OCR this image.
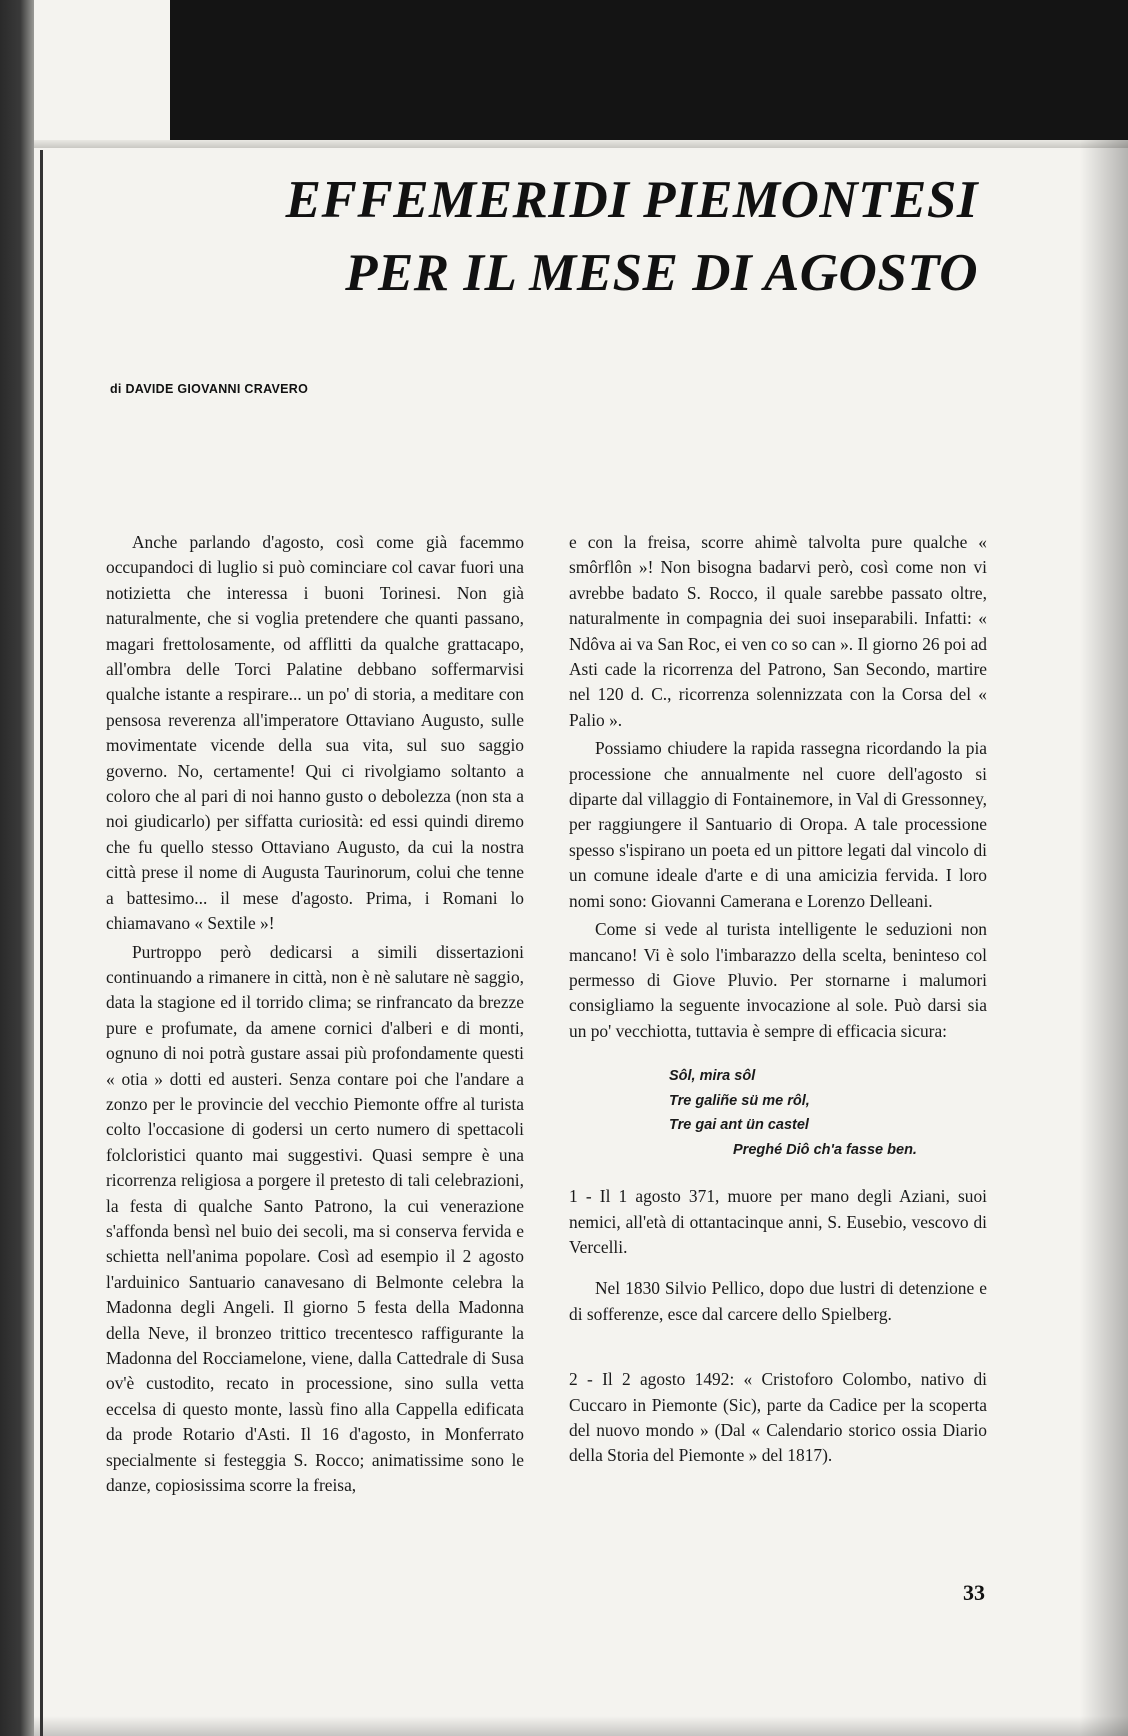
EFFEMERIDI PIEMONTESI
PER IL MESE DI AGOSTO

di DAVIDE GIOVANNI CRAVERO

Anche parlando d'agosto, così come già facemmo occupandoci di luglio si può cominciare col cavar fuori una notizietta che interessa i buoni Torinesi. Non già naturalmente, che si voglia pretendere che quanti passano, magari frettolosamente, od afflitti da qualche grattacapo, all'ombra delle Torci Palatine debbano soffermarvisi qualche istante a respirare... un po' di storia, a meditare con pensosa reverenza all'imperatore Ottaviano Augusto, sulle movimentate vicende della sua vita, sul suo saggio governo. No, certamente! Qui ci rivolgiamo soltanto a coloro che al pari di noi hanno gusto o debolezza (non sta a noi giudicarlo) per siffatta curiosità: ed essi quindi diremo che fu quello stesso Ottaviano Augusto, da cui la nostra città prese il nome di Augusta Taurinorum, colui che tenne a battesimo... il mese d'agosto. Prima, i Romani lo chiamavano « Sextile »!

Purtroppo però dedicarsi a simili dissertazioni continuando a rimanere in città, non è nè salutare nè saggio, data la stagione ed il torrido clima; se rinfrancato da brezze pure e profumate, da amene cornici d'alberi e di monti, ognuno di noi potrà gustare assai più profondamente questi « otia » dotti ed austeri. Senza contare poi che l'andare a zonzo per le provincie del vecchio Piemonte offre al turista colto l'occasione di godersi un certo numero di spettacoli folcloristici quanto mai suggestivi. Quasi sempre è una ricorrenza religiosa a porgere il pretesto di tali celebrazioni, la festa di qualche Santo Patrono, la cui venerazione s'affonda bensì nel buio dei secoli, ma si conserva fervida e schietta nell'anima popolare. Così ad esempio il 2 agosto l'arduinico Santuario canavesano di Belmonte celebra la Madonna degli Angeli. Il giorno 5 festa della Madonna della Neve, il bronzeo trittico trecentesco raffigurante la Madonna del Rocciamelone, viene, dalla Cattedrale di Susa ov'è custodito, recato in processione, sino sulla vetta eccelsa di questo monte, lassù fino alla Cappella edificata da prode Rotario d'Asti. Il 16 d'agosto, in Monferrato specialmente si festeggia S. Rocco; animatissime sono le danze, copiosissima scorre la freisa,

e con la freisa, scorre ahimè talvolta pure qualche « smôrflôn »! Non bisogna badarvi però, così come non vi avrebbe badato S. Rocco, il quale sarebbe passato oltre, naturalmente in compagnia dei suoi inseparabili. Infatti: « Ndôva ai va San Roc, ei ven co so can ». Il giorno 26 poi ad Asti cade la ricorrenza del Patrono, San Secondo, martire nel 120 d. C., ricorrenza solennizzata con la Corsa del « Palio ».

Possiamo chiudere la rapida rassegna ricordando la pia processione che annualmente nel cuore dell'agosto si diparte dal villaggio di Fontainemore, in Val di Gressonney, per raggiungere il Santuario di Oropa. A tale processione spesso s'ispirano un poeta ed un pittore legati dal vincolo di un comune ideale d'arte e di una amicizia fervida. I loro nomi sono: Giovanni Camerana e Lorenzo Delleani.

Come si vede al turista intelligente le seduzioni non mancano! Vi è solo l'imbarazzo della scelta, beninteso col permesso di Giove Pluvio. Per stornarne i malumori consigliamo la seguente invocazione al sole. Può darsi sia un po' vecchiotta, tuttavia è sempre di efficacia sicura:

Sôl, mira sôl
Tre galiñe sü me rôl,
Tre gai ant ün castel
Preghé Diô ch'a fasse ben.

1 - Il 1 agosto 371, muore per mano degli Aziani, suoi nemici, all'età di ottantacinque anni, S. Eusebio, vescovo di Vercelli.

Nel 1830 Silvio Pellico, dopo due lustri di detenzione e di sofferenze, esce dal carcere dello Spielberg.

2 - Il 2 agosto 1492: « Cristoforo Colombo, nativo di Cuccaro in Piemonte (Sic), parte da Cadice per la scoperta del nuovo mondo » (Dal « Calendario storico ossia Diario della Storia del Piemonte » del 1817).

33
